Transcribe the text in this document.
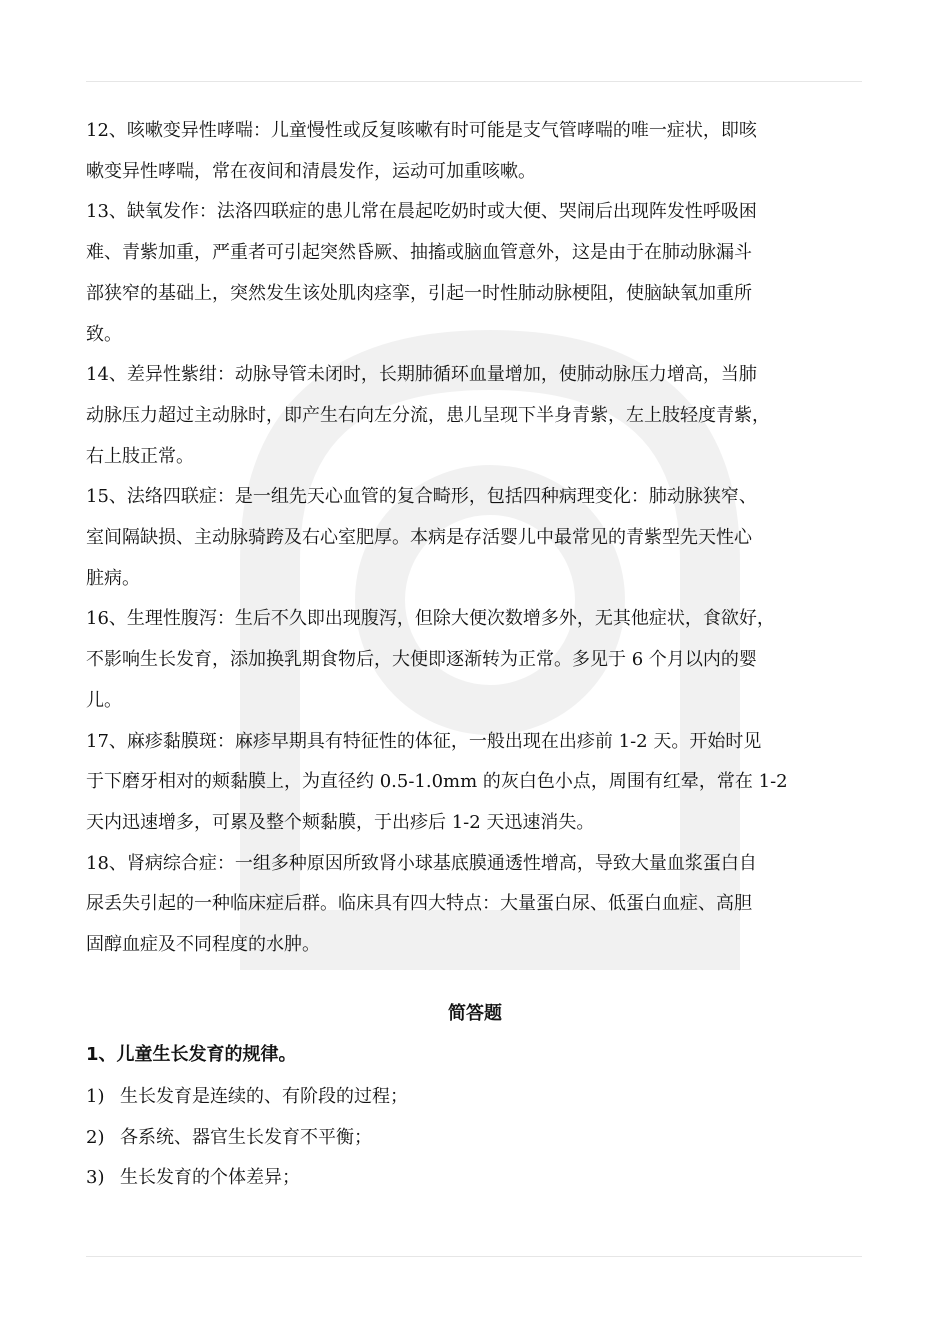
12、咳嗽变异性哮喘：儿童慢性或反复咳嗽有时可能是支气管哮喘的唯一症状，即咳
嗽变异性哮喘，常在夜间和清晨发作，运动可加重咳嗽。

13、缺氧发作：法洛四联症的患儿常在晨起吃奶时或大便、哭闹后出现阵发性呼吸困
难、青紫加重，严重者可引起突然昏厥、抽搐或脑血管意外，这是由于在肺动脉漏斗
部狭窄的基础上，突然发生该处肌肉痉挛，引起一时性肺动脉梗阻，使脑缺氧加重所
致。

14、差异性紫绀：动脉导管未闭时，长期肺循环血量增加，使肺动脉压力增高，当肺
动脉压力超过主动脉时，即产生右向左分流，患儿呈现下半身青紫，左上肢轻度青紫，
右上肢正常。

15、法络四联症：是一组先天心血管的复合畸形，包括四种病理变化：肺动脉狭窄、
室间隔缺损、主动脉骑跨及右心室肥厚。本病是存活婴儿中最常见的青紫型先天性心
脏病。

16、生理性腹泻：生后不久即出现腹泻，但除大便次数增多外，无其他症状，食欲好，
不影响生长发育，添加换乳期食物后，大便即逐渐转为正常。多见于 6 个月以内的婴
儿。

17、麻疹黏膜斑：麻疹早期具有特征性的体征，一般出现在出疹前 1-2 天。开始时见
于下磨牙相对的颊黏膜上，为直径约 0.5-1.0mm 的灰白色小点，周围有红晕，常在 1-2
天内迅速增多，可累及整个颊黏膜，于出疹后 1-2 天迅速消失。

18、肾病综合症：一组多种原因所致肾小球基底膜通透性增高，导致大量血浆蛋白自
尿丢失引起的一种临床症后群。临床具有四大特点：大量蛋白尿、低蛋白血症、高胆
固醇血症及不同程度的水肿。

简答题
1、儿童生长发育的规律。
1) 生长发育是连续的、有阶段的过程；
2) 各系统、器官生长发育不平衡；
3) 生长发育的个体差异；
